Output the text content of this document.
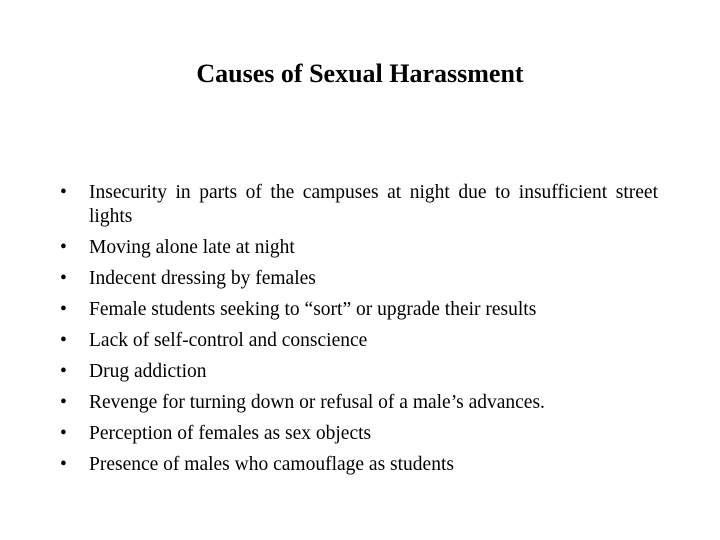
Causes of Sexual Harassment
•	Insecurity in parts of the campuses at night due to insufficient street lights
•	Moving alone late at night
•	Indecent dressing by females
•	Female students seeking to “sort” or upgrade their results
•	Lack of self-control and conscience
•	Drug addiction
•	Revenge for turning down or refusal of a male’s advances.
•	Perception of females as sex objects
•	Presence of males who camouflage as students
